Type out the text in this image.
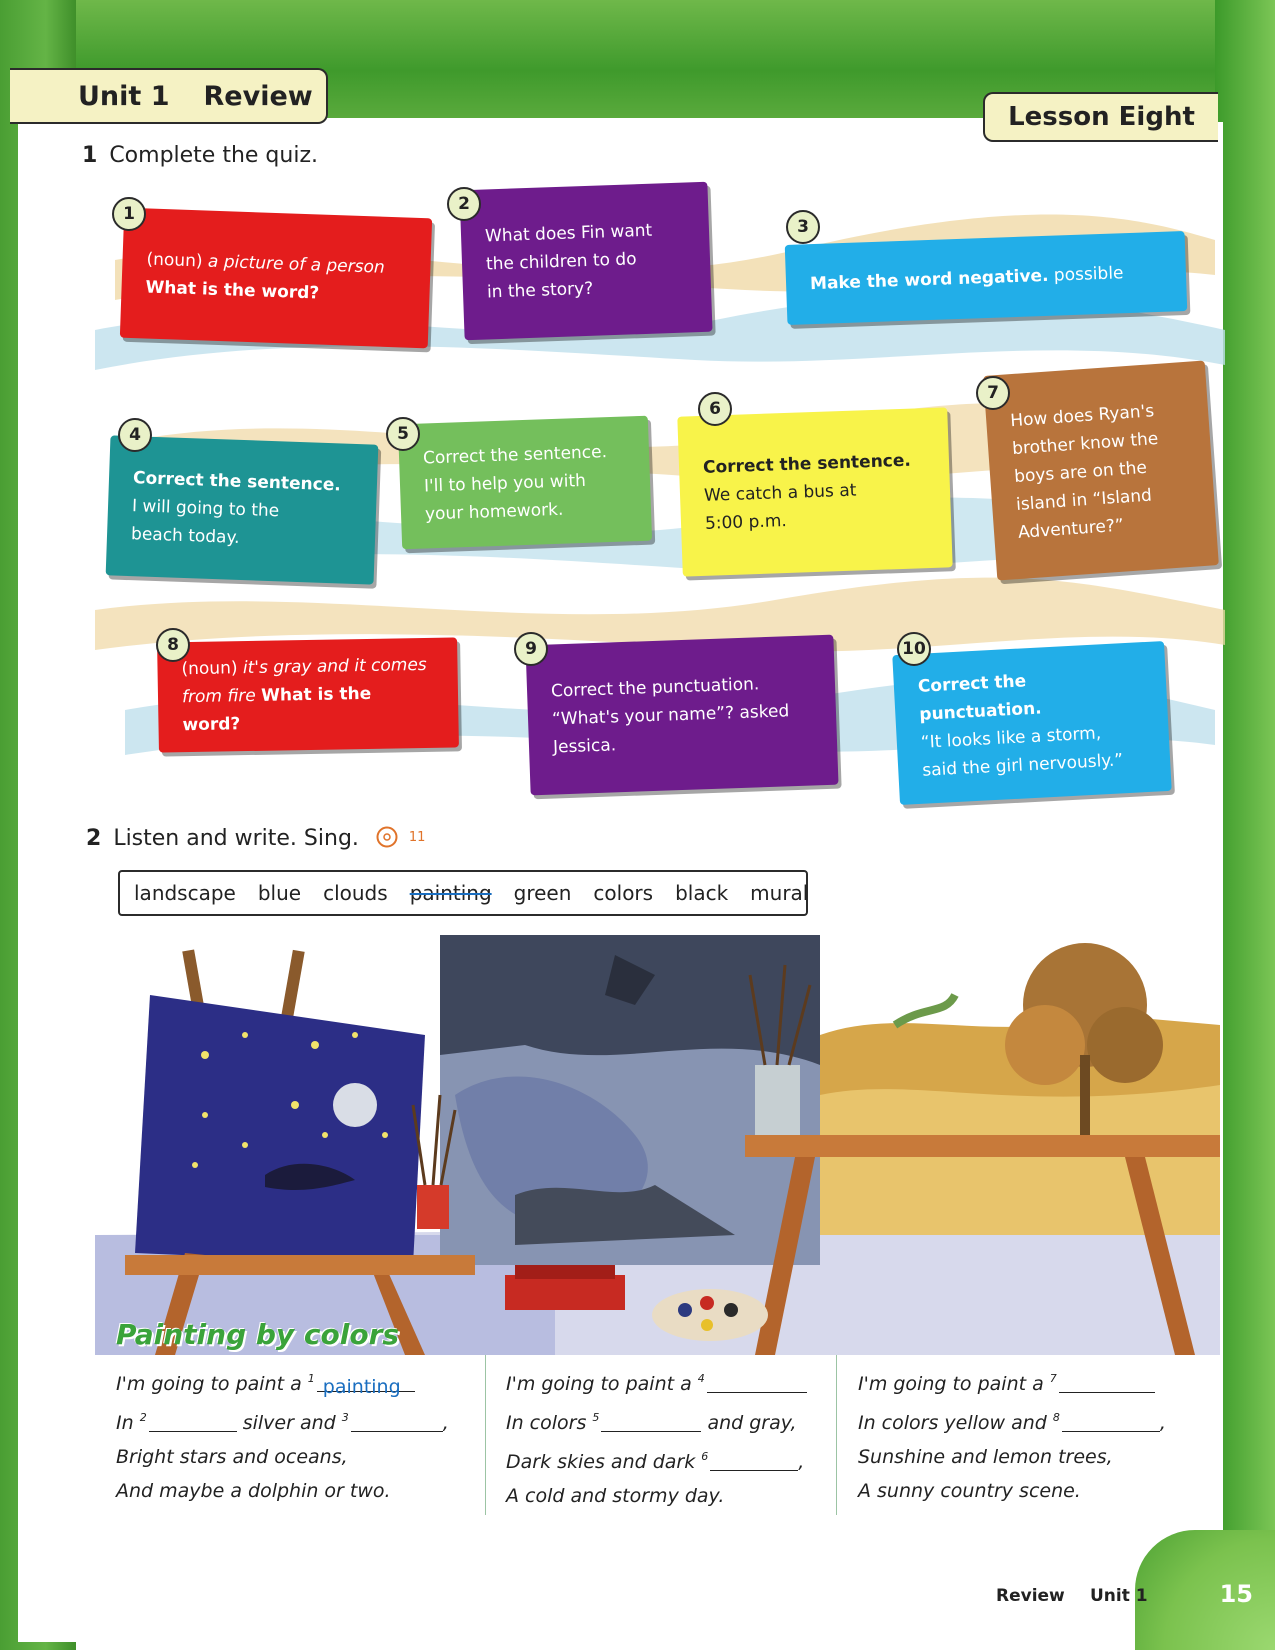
Unit 1 Review
Lesson Eight
1 Complete the quiz.
(noun) a picture of a person
What is the word?
1
What does Fin want
the children to do
in the story?
2
Make the word negative. possible
3
Correct the sentence.
I will going to the
beach today.
4
Correct the sentence.
I'll to help you with
your homework.
5
Correct the sentence.
We catch a bus at
5:00 p.m.
6	How does Ryan's
brother know the
boys are on the
island in “Island
Adventure?”
7
(noun) it's gray and it comes
from fire What is the word?
8
Correct the punctuation.
“What's your name”? asked
Jessica.
9
Correct the punctuation.
“It looks like a storm,
said the girl nervously.”
10
2 Listen and write. Sing.	11
landscape blue clouds painting green colors black mural
Painting by colors
I'm going to paint a $^1$ painting
In $^2$	silver and $^3$	,
Bright stars and oceans,
And maybe a dolphin or two.
I'm going to paint a $^4$
In colors $^5$	and gray,
Dark skies and dark $^6$	,
A cold and stormy day.
I'm going to paint a $^7$
In colors yellow and $^8$	,
Sunshine and lemon trees,
A sunny country scene.
Review Unit 1	15
